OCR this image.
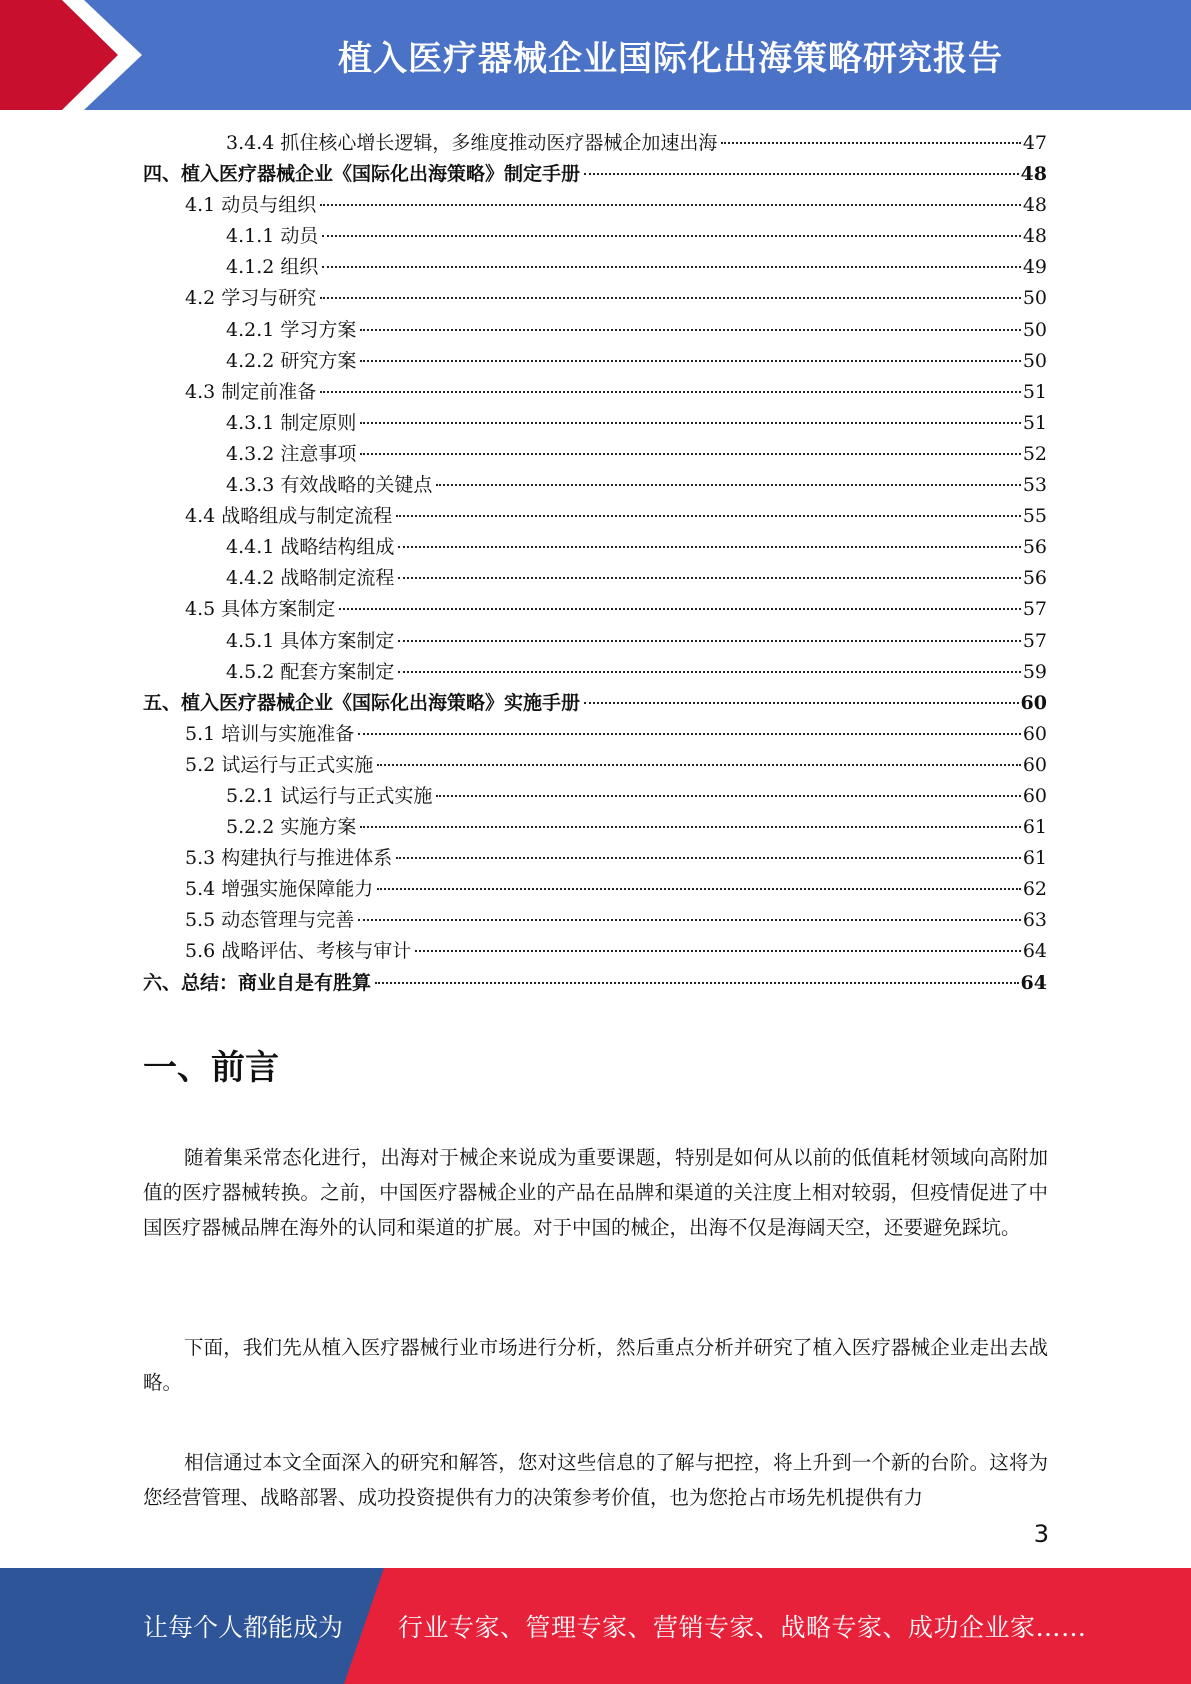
植入医疗器械企业国际化出海策略研究报告
3.4.4 抓住核心增长逻辑，多维度推动医疗器械企加速出海	47
四、植入医疗器械企业《国际化出海策略》制定手册	48
4.1 动员与组织	48
4.1.1 动员	48
4.1.2 组织	49
4.2 学习与研究	50
4.2.1 学习方案	50
4.2.2 研究方案	50
4.3 制定前准备	51
4.3.1 制定原则	51
4.3.2 注意事项	52
4.3.3 有效战略的关键点	53
4.4 战略组成与制定流程	55
4.4.1 战略结构组成	56
4.4.2 战略制定流程	56
4.5 具体方案制定	57
4.5.1 具体方案制定	57
4.5.2 配套方案制定	59
五、植入医疗器械企业《国际化出海策略》实施手册	60
5.1 培训与实施准备	60
5.2 试运行与正式实施	60
5.2.1 试运行与正式实施	60
5.2.2 实施方案	61
5.3 构建执行与推进体系	61
5.4 增强实施保障能力	62
5.5 动态管理与完善	63
5.6 战略评估、考核与审计	64
六、总结：商业自是有胜算	64
一、前言
随着集采常态化进行，出海对于械企来说成为重要课题，特别是如何从以前的低值耗材领域向高附加值的医疗器械转换。之前，中国医疗器械企业的产品在品牌和渠道的关注度上相对较弱，但疫情促进了中国医疗器械品牌在海外的认同和渠道的扩展。对于中国的械企，出海不仅是海阔天空，还要避免踩坑。
下面，我们先从植入医疗器械行业市场进行分析，然后重点分析并研究了植入医疗器械企业走出去战略。
相信通过本文全面深入的研究和解答，您对这些信息的了解与把控，将上升到一个新的台阶。这将为您经营管理、战略部署、成功投资提供有力的决策参考价值，也为您抢占市场先机提供有力
3
让每个人都能成为 行业专家、管理专家、营销专家、战略专家、成功企业家……
